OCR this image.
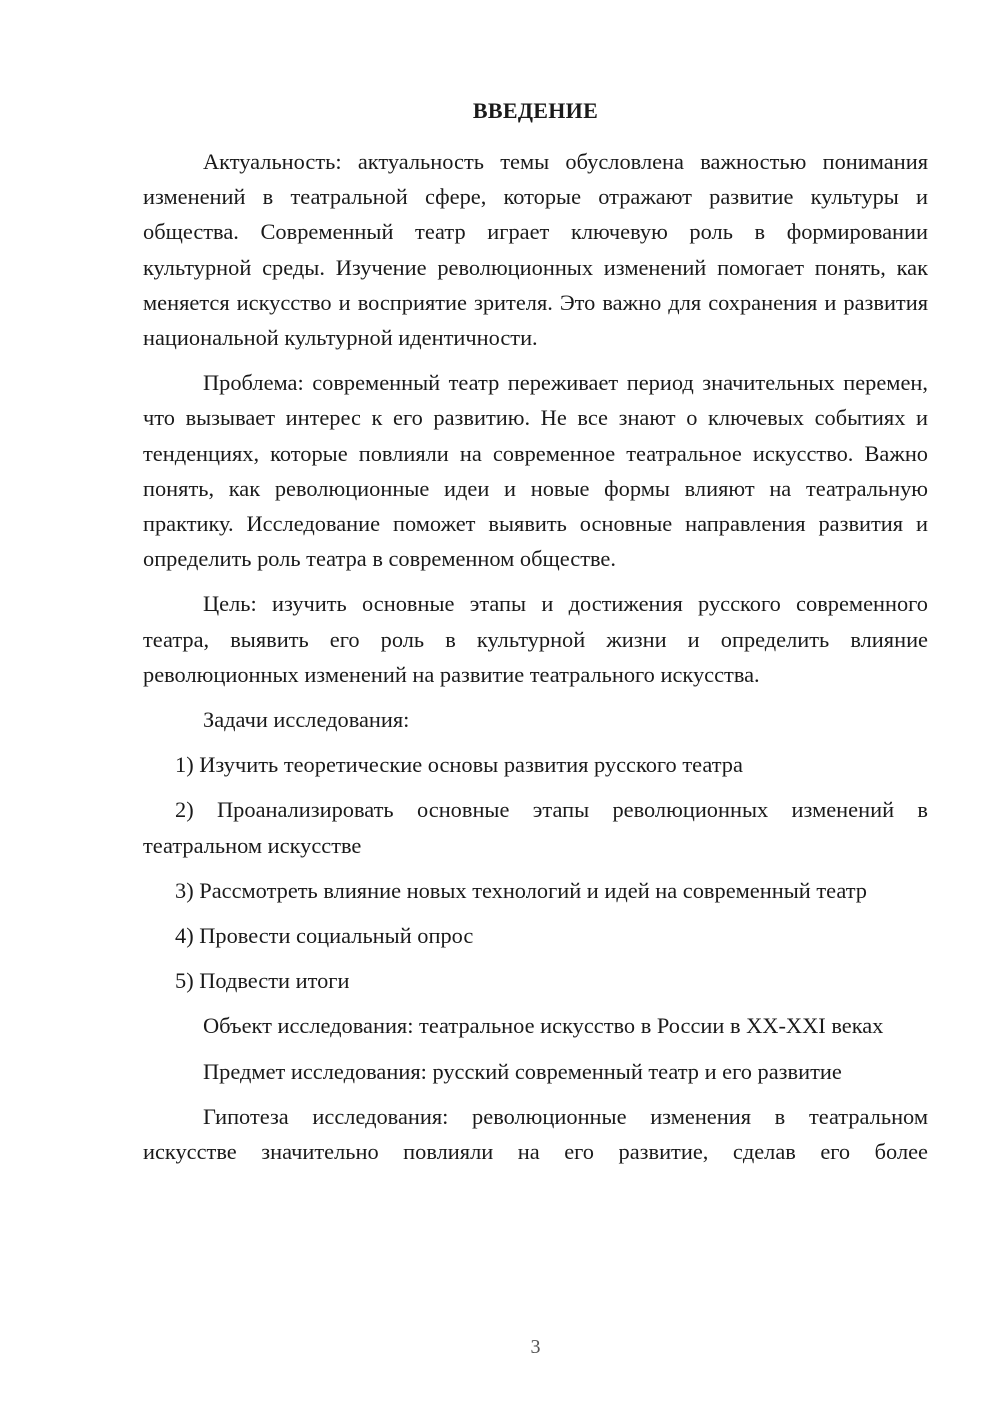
ВВЕДЕНИЕ

Актуальность: актуальность темы обусловлена важностью понимания изменений в театральной сфере, которые отражают развитие культуры и общества. Современный театр играет ключевую роль в формировании культурной среды. Изучение революционных изменений помогает понять, как меняется искусство и восприятие зрителя. Это важно для сохранения и развития национальной культурной идентичности.

Проблема: современный театр переживает период значительных перемен, что вызывает интерес к его развитию. Не все знают о ключевых событиях и тенденциях, которые повлияли на современное театральное искусство. Важно понять, как революционные идеи и новые формы влияют на театральную практику. Исследование поможет выявить основные направления развития и определить роль театра в современном обществе.

Цель: изучить основные этапы и достижения русского современного театра, выявить его роль в культурной жизни и определить влияние революционных изменений на развитие театрального искусства.

Задачи исследования:

1) Изучить теоретические основы развития русского театра

2) Проанализировать основные этапы революционных изменений в театральном искусстве

3) Рассмотреть влияние новых технологий и идей на современный театр

4) Провести социальный опрос

5) Подвести итоги

Объект исследования: театральное искусство в России в XX-XXI веках

Предмет исследования: русский современный театр и его развитие

Гипотеза исследования: революционные изменения в театральном искусстве значительно повлияли на его развитие, сделав его более

3
